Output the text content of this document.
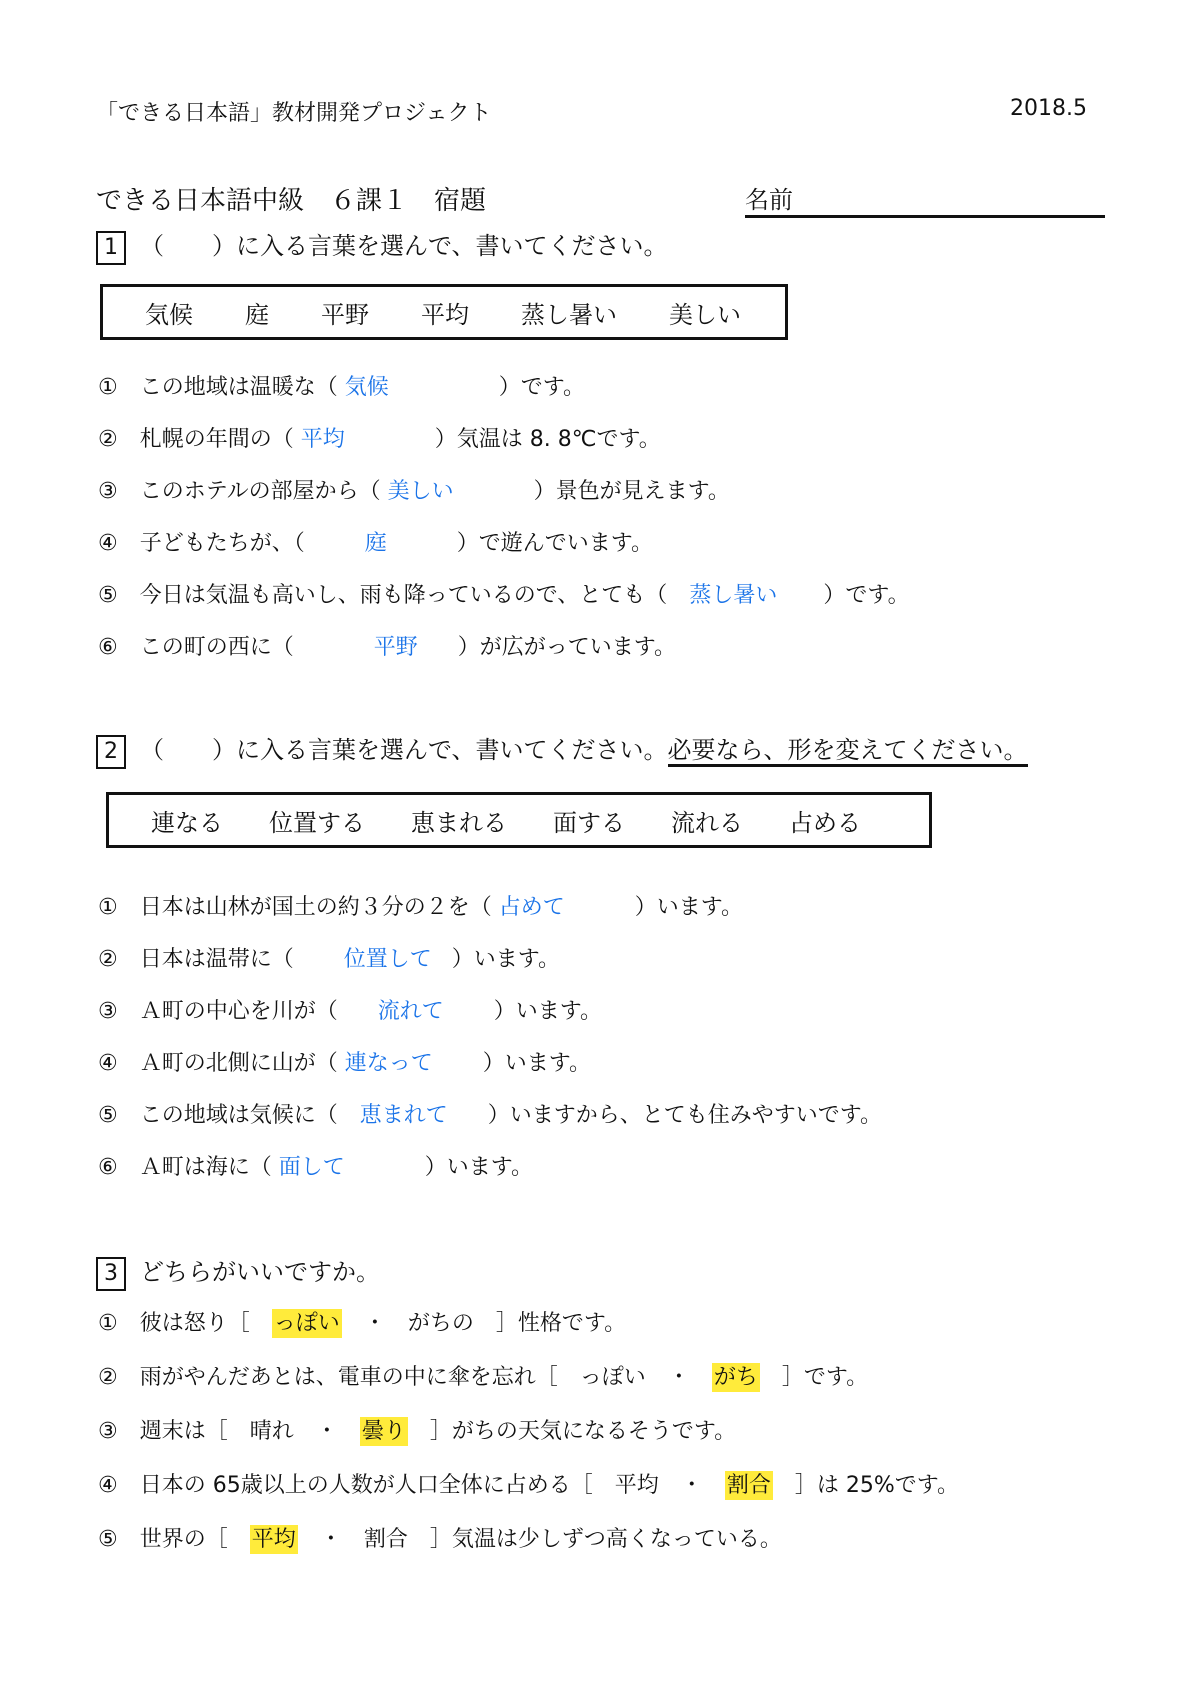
「できる日本語」教材開発プロジェクト	2018.5
できる日本語中級　６課１　宿題	名前
1 （　　）に入る言葉を選んで、書いてください。
気候 庭 平野 平均 蒸し暑い 美しい
①　 この地域は温暖な（ 気候	）です。
②　 札幌の年間の（ 平均	）気温は 8. 8℃です。
③　 このホテルの部屋から（ 美しい	）景色が見えます。
④　 子どもたちが、（	庭	）で遊んでいます。
⑤　 今日は気温も高いし、雨も降っているので、とても（　 蒸し暑い ）です。
⑥　 この町の西に（	平野 ）が広がっています。
2 （　　）に入る言葉を選んで、書いてください。必要なら、形を変えてください。
連なる 位置する 恵まれる 面する 流れる 占める
①　 日本は山林が国土の約３分の２を（ 占めて	）います。
②　 日本は温帯に（ 位置して ）います。
③　 Ａ町の中心を川が（ 流れて ）います。
④　 Ａ町の北側に山が（ 連なって ）います。
⑤　 この地域は気候に（　 恵まれて ）いますから、とても住みやすいです。
⑥　 Ａ町は海に（ 面して	）います。
3 どちらがいいですか。
①　 彼は怒り［　 っぽい　 ・　 がちの　 ］性格です。
②　 雨がやんだあとは、電車の中に傘を忘れ［　 っぽい　 ・　 がち　 ］です。
③　 週末は［　 晴れ　 ・　 曇り　 ］がちの天気になるそうです。
④　 日本の 65歳以上の人数が人口全体に占める［　 平均　 ・　 割合　 ］は 25%です。
⑤　 世界の［　 平均　 ・　 割合　 ］気温は少しずつ高くなっている。
